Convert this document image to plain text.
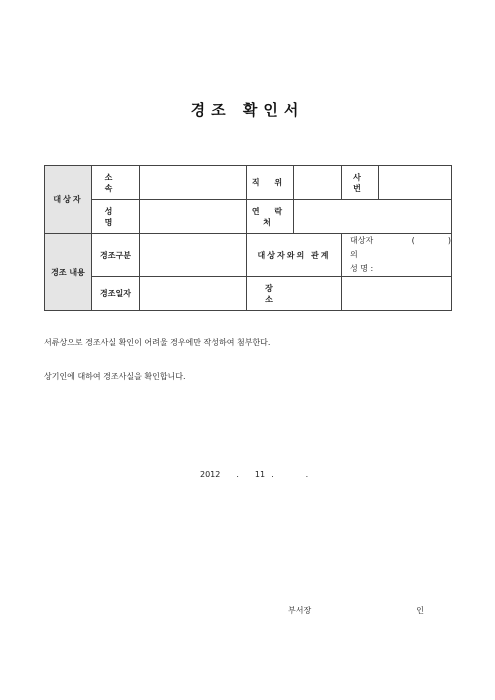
경조 확인서
대상자	소 속		직 위		사 번	
	성 명		연 락 처			
경조 내용	경조구분		대상자와의 관계		대상자의
( )
성 명 :	

	경조일자		장 소			
서류상으로 경조사실 확인이 어려울 경우에만 작성하여 첨부한다.
상기인에 대하여 경조사실을 확인합니다.
2012 . 11 .	.
부서장	인
